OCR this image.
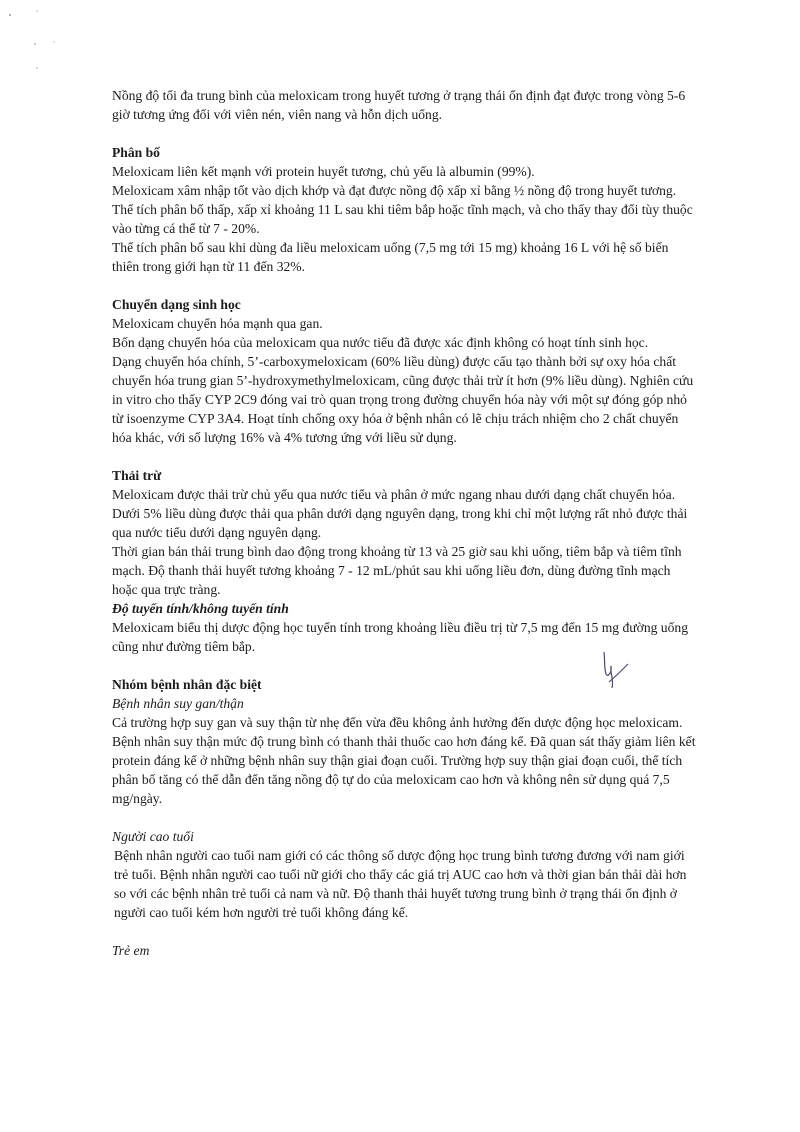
Nồng độ tối đa trung bình của meloxicam trong huyết tương ở trạng thái ổn định đạt được trong vòng 5-6 giờ tương ứng đối với viên nén, viên nang và hỗn dịch uống.

Phân bố

Meloxicam liên kết mạnh với protein huyết tương, chủ yếu là albumin (99%).

Meloxicam xâm nhập tốt vào dịch khớp và đạt được nồng độ xấp xỉ bằng ½ nồng độ trong huyết tương.

Thể tích phân bố thấp, xấp xỉ khoảng 11 L sau khi tiêm bắp hoặc tĩnh mạch, và cho thấy thay đổi tùy thuộc vào từng cá thể từ 7 - 20%.

Thể tích phân bố sau khi dùng đa liều meloxicam uống (7,5 mg tới 15 mg) khoảng 16 L với hệ số biến thiên trong giới hạn từ 11 đến 32%.

Chuyển dạng sinh học

Meloxicam chuyển hóa mạnh qua gan.

Bốn dạng chuyển hóa của meloxicam qua nước tiểu đã được xác định không có hoạt tính sinh học.

Dạng chuyển hóa chính, 5’-carboxymeloxicam (60% liều dùng) được cấu tạo thành bởi sự oxy hóa chất chuyển hóa trung gian 5’-hydroxymethylmeloxicam, cũng được thải trừ ít hơn (9% liều dùng). Nghiên cứu in vitro cho thấy CYP 2C9 đóng vai trò quan trọng trong đường chuyển hóa này với một sự đóng góp nhỏ từ isoenzyme CYP 3A4. Hoạt tính chống oxy hóa ở bệnh nhân có lẽ chịu trách nhiệm cho 2 chất chuyển hóa khác, với số lượng 16% và 4% tương ứng với liều sử dụng.

Thải trừ

Meloxicam được thải trừ chủ yếu qua nước tiểu và phân ở mức ngang nhau dưới dạng chất chuyển hóa. Dưới 5% liều dùng được thải qua phân dưới dạng nguyên dạng, trong khi chỉ một lượng rất nhỏ được thải qua nước tiểu dưới dạng nguyên dạng.

Thời gian bán thải trung bình dao động trong khoảng từ 13 và 25 giờ sau khi uống, tiêm bắp và tiêm tĩnh mạch. Độ thanh thải huyết tương khoảng 7 - 12 mL/phút sau khi uống liều đơn, dùng đường tĩnh mạch hoặc qua trực tràng.

Độ tuyến tính/không tuyến tính

Meloxicam biểu thị dược động học tuyến tính trong khoảng liều điều trị từ 7,5 mg đến 15 mg đường uống cũng như đường tiêm bắp.

Nhóm bệnh nhân đặc biệt

Bệnh nhân suy gan/thận

Cả trường hợp suy gan và suy thận từ nhẹ đến vừa đều không ảnh hưởng đến dược động học meloxicam. Bệnh nhân suy thận mức độ trung bình có thanh thải thuốc cao hơn đáng kể. Đã quan sát thấy giảm liên kết protein đáng kể ở những bệnh nhân suy thận giai đoạn cuối. Trường hợp suy thận giai đoạn cuối, thể tích phân bố tăng có thể dẫn đến tăng nồng độ tự do của meloxicam cao hơn và không nên sử dụng quá 7,5 mg/ngày.

Người cao tuổi

Bệnh nhân người cao tuổi nam giới có các thông số dược động học trung bình tương đương với nam giới trẻ tuổi. Bệnh nhân người cao tuổi nữ giới cho thấy các giá trị AUC cao hơn và thời gian bán thải dài hơn so với các bệnh nhân trẻ tuổi cả nam và nữ. Độ thanh thải huyết tương trung bình ở trạng thái ổn định ở người cao tuổi kém hơn người trẻ tuổi không đáng kể.

Trẻ em
